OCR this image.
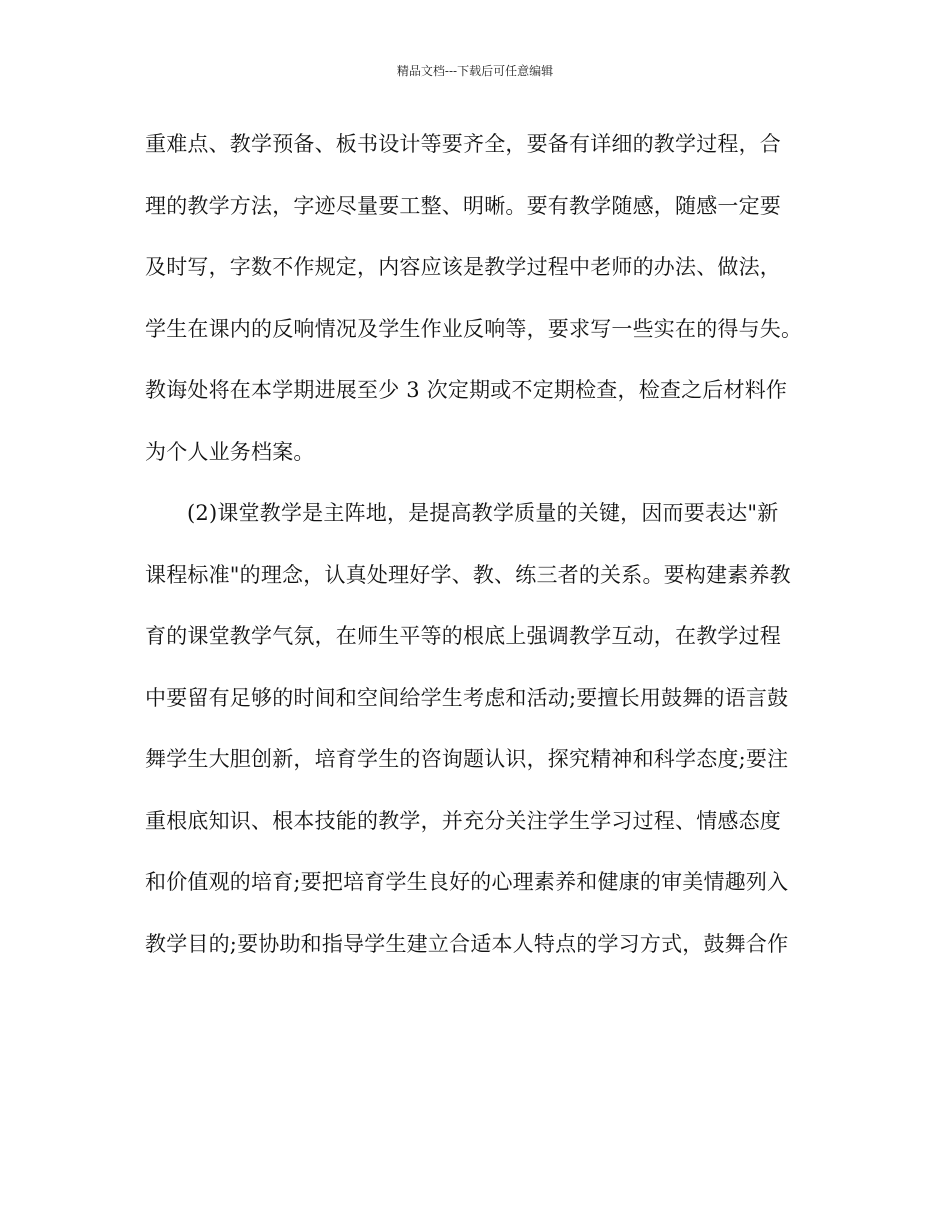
精品文档---下载后可任意编辑
重难点、教学预备、板书设计等要齐全，要备有详细的教学过程，合
理的教学方法，字迹尽量要工整、明晰。要有教学随感，随感一定要
及时写，字数不作规定，内容应该是教学过程中老师的办法、做法，
学生在课内的反响情况及学生作业反响等，要求写一些实在的得与失。
教诲处将在本学期进展至少 3 次定期或不定期检查，检查之后材料作
为个人业务档案。
(2)课堂教学是主阵地，是提高教学质量的关键，因而要表达"新
课程标准"的理念，认真处理好学、教、练三者的关系。要构建素养教
育的课堂教学气氛，在师生平等的根底上强调教学互动，在教学过程
中要留有足够的时间和空间给学生考虑和活动;要擅长用鼓舞的语言鼓
舞学生大胆创新，培育学生的咨询题认识，探究精神和科学态度;要注
重根底知识、根本技能的教学，并充分关注学生学习过程、情感态度
和价值观的培育;要把培育学生良好的心理素养和健康的审美情趣列入
教学目的;要协助和指导学生建立合适本人特点的学习方式，鼓舞合作
